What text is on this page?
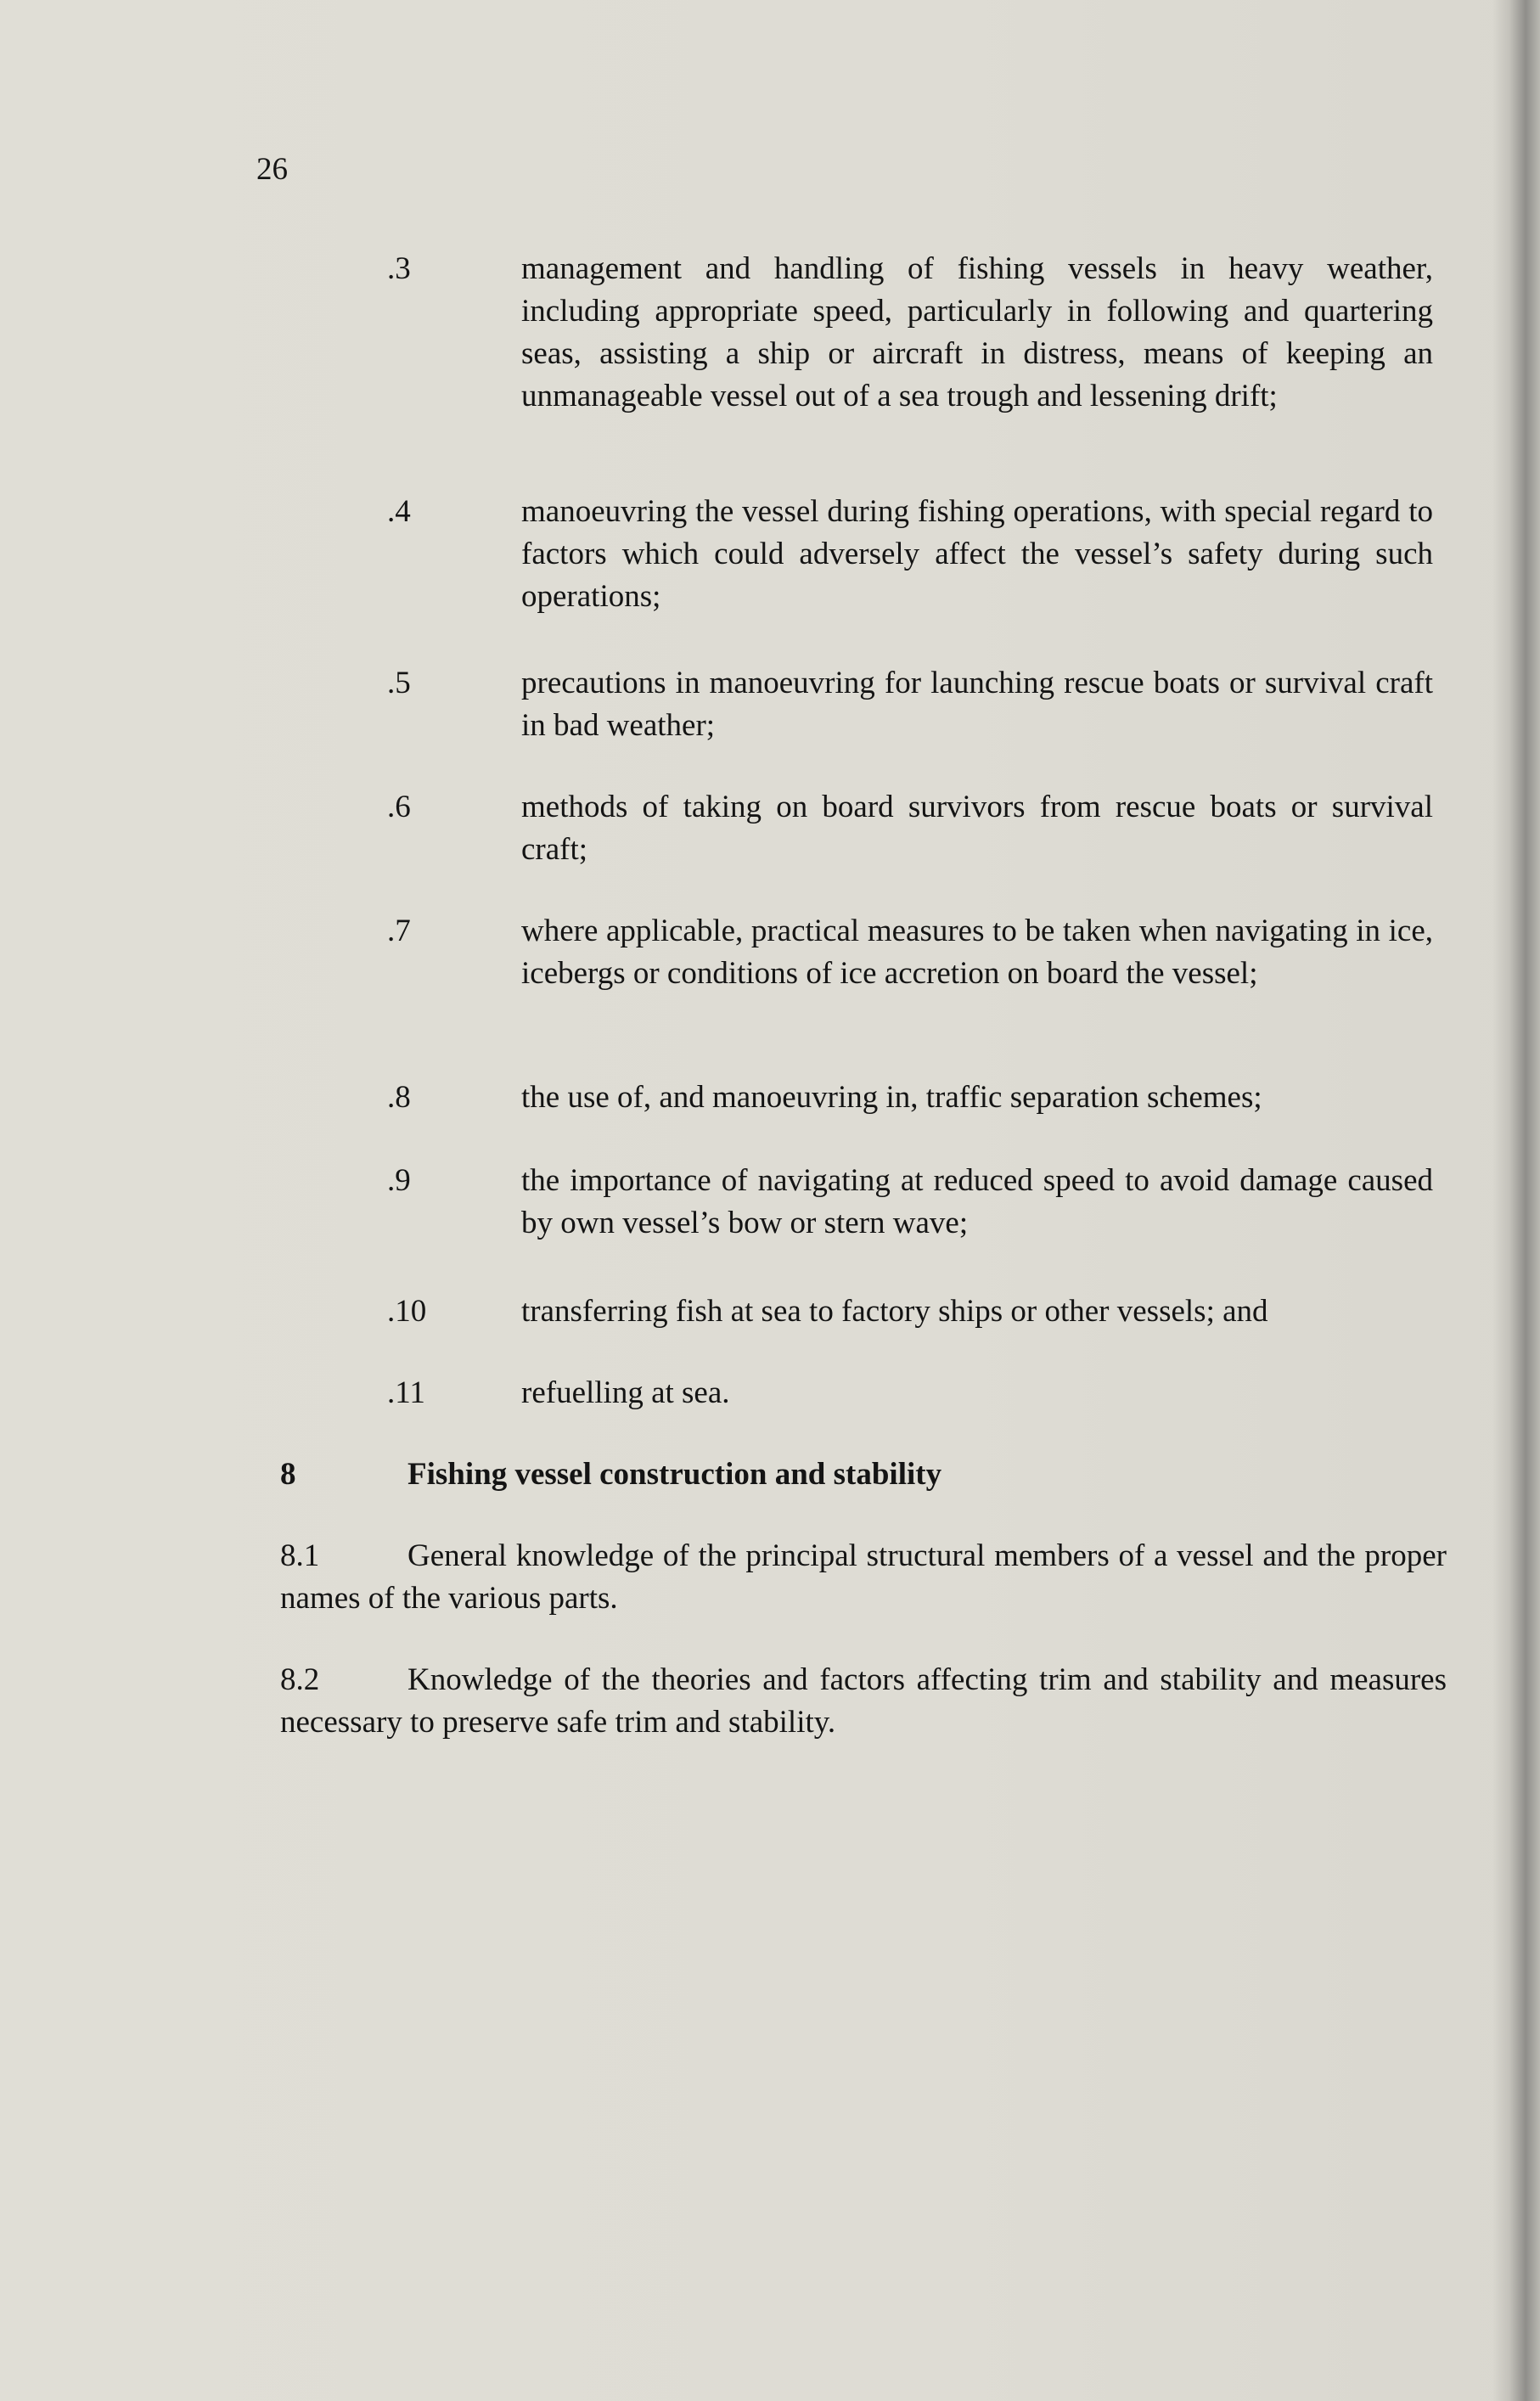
26
.3	management and handling of fishing vessels in heavy weather, including appropriate speed, particularly in following and quartering seas, assisting a ship or aircraft in distress, means of keeping an unmanageable vessel out of a sea trough and lessening drift;
.4	manoeuvring the vessel during fishing operations, with special regard to factors which could adversely affect the vessel’s safety during such operations;
.5	precautions in manoeuvring for launching rescue boats or survival craft in bad weather;
.6	methods of taking on board survivors from rescue boats or survival craft;
.7	where applicable, practical measures to be taken when navigating in ice, icebergs or conditions of ice accretion on board the vessel;
.8	the use of, and manoeuvring in, traffic separation schemes;
.9	the importance of navigating at reduced speed to avoid damage caused by own vessel’s bow or stern wave;
.10	transferring fish at sea to factory ships or other vessels; and
.11	refuelling at sea.
8	Fishing vessel construction and stability
8.1	General knowledge of the principal structural members of a vessel and the proper names of the various parts.
8.2	Knowledge of the theories and factors affecting trim and stability and measures necessary to preserve safe trim and stability.
